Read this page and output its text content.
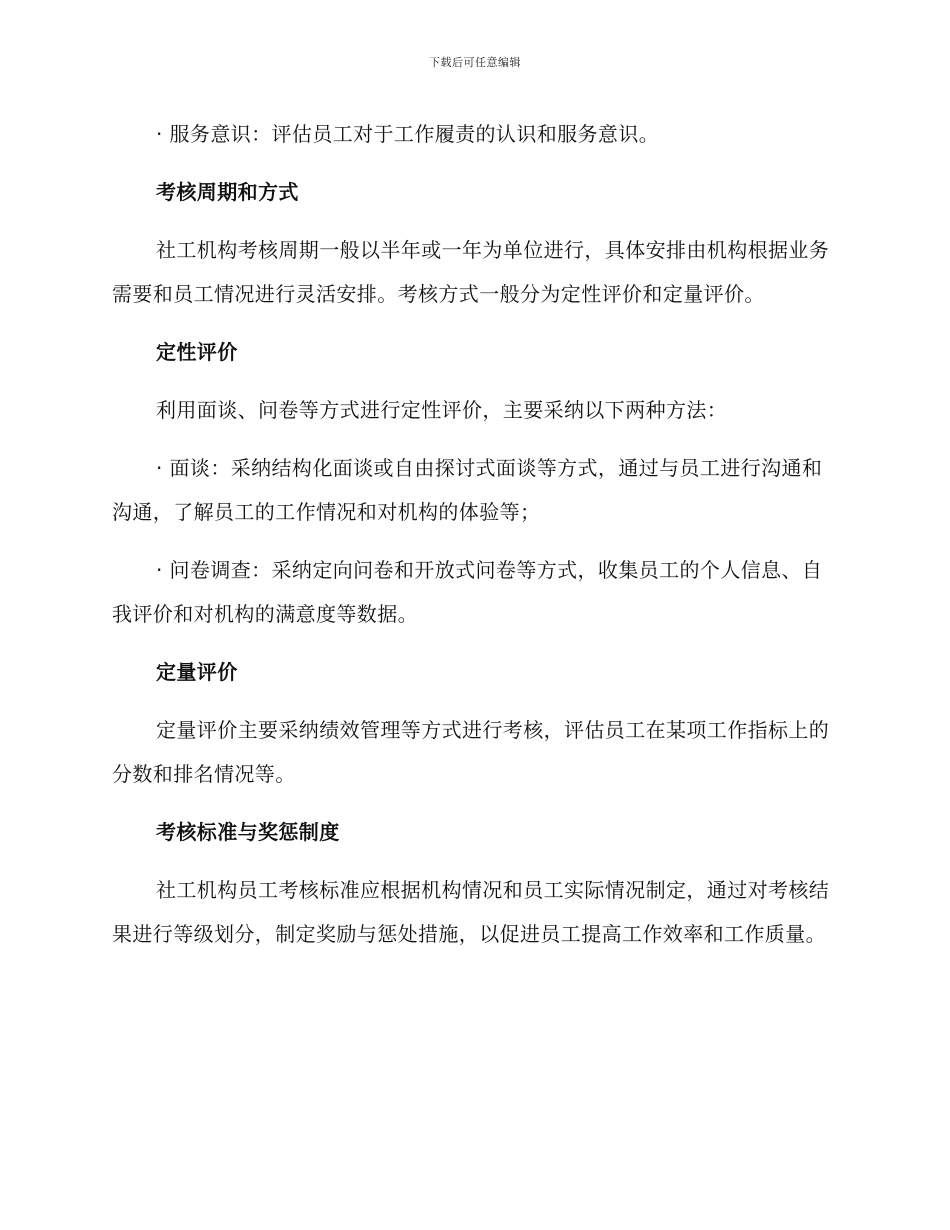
下载后可任意编辑

· 服务意识：评估员工对于工作履责的认识和服务意识。

考核周期和方式

社工机构考核周期一般以半年或一年为单位进行，具体安排由机构根据业务需要和员工情况进行灵活安排。考核方式一般分为定性评价和定量评价。

定性评价

利用面谈、问卷等方式进行定性评价，主要采纳以下两种方法：

· 面谈：采纳结构化面谈或自由探讨式面谈等方式，通过与员工进行沟通和沟通，了解员工的工作情况和对机构的体验等；

· 问卷调查：采纳定向问卷和开放式问卷等方式，收集员工的个人信息、自我评价和对机构的满意度等数据。

定量评价

定量评价主要采纳绩效管理等方式进行考核，评估员工在某项工作指标上的分数和排名情况等。

考核标准与奖惩制度

社工机构员工考核标准应根据机构情况和员工实际情况制定，通过对考核结果进行等级划分，制定奖励与惩处措施，以促进员工提高工作效率和工作质量。
